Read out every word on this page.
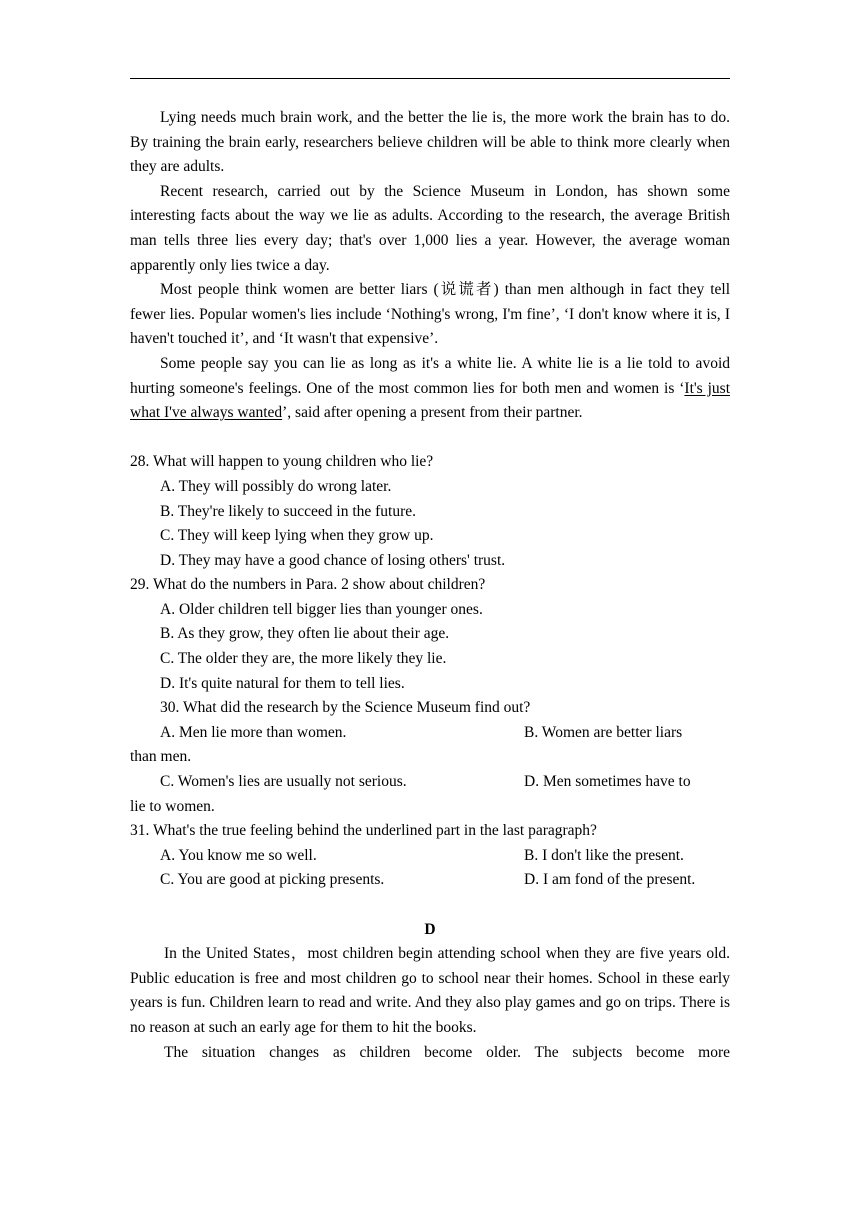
Lying needs much brain work, and the better the lie is, the more work the brain has to do. By training the brain early, researchers believe children will be able to think more clearly when they are adults.

Recent research, carried out by the Science Museum in London, has shown some interesting facts about the way we lie as adults. According to the research, the average British man tells three lies every day; that's over 1,000 lies a year. However, the average woman apparently only lies twice a day.

Most people think women are better liars (说谎者) than men although in fact they tell fewer lies. Popular women's lies include ‘Nothing's wrong, I'm fine’, ‘I don't know where it is, I haven't touched it’, and ‘It wasn't that expensive’.

Some people say you can lie as long as it's a white lie. A white lie is a lie told to avoid hurting someone's feelings. One of the most common lies for both men and women is ‘It's just what I've always wanted’, said after opening a present from their partner.

28. What will happen to young children who lie?

A. They will possibly do wrong later.

B. They're likely to succeed in the future.

C. They will keep lying when they grow up.

D. They may have a good chance of losing others' trust.

29. What do the numbers in Para. 2 show about children?

A. Older children tell bigger lies than younger ones.

B. As they grow, they often lie about their age.

C. The older they are, the more likely they lie.

D. It's quite natural for them to tell lies.

30. What did the research by the Science Museum find out?

A. Men lie more than women.	B. Women are better liars

than men.

C. Women's lies are usually not serious.	D. Men sometimes have to

lie to women.

31. What's the true feeling behind the underlined part in the last paragraph?

A. You know me so well.	B. I don't like the present.
C. You are good at picking presents.	D. I am fond of the present.

D

In the United States，most children begin attending school when they are five years old. Public education is free and most children go to school near their homes. School in these early years is fun. Children learn to read and write. And they also play games and go on trips. There is no reason at such an early age for them to hit the books.

The situation changes as children become older. The subjects become more
